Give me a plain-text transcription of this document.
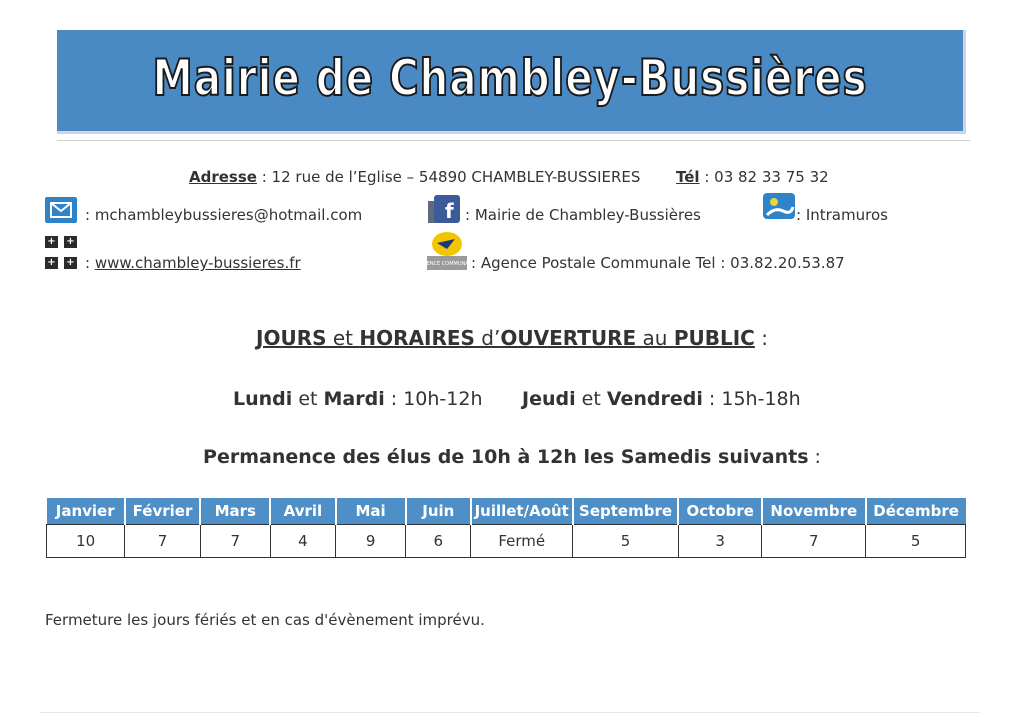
Mairie de Chambley-Bussières
Adresse : 12 rue de l’Eglise – 54890 CHAMBLEY-BUSSIERES Tél : 03 82 33 75 32
: mchambleybussieres@hotmail.com	f : Mairie de Chambley-Bussières	: Intramuros
+ +
+ + : www.chambley-bussieres.fr	AGENCE COMMUNALE
: Agence Postale Communale Tel : 03.82.20.53.87
JOURS et HORAIRES d’OUVERTURE au PUBLIC :
Lundi et Mardi : 10h-12h Jeudi et Vendredi : 15h-18h
Permanence des élus de 10h à 12h les Samedis suivants :
Janvier	Février	Mars	Avril	Mai	Juin	Juillet/Août	Septembre	Octobre	Novembre	Décembre
10	7	7	4	9	6	Fermé	5	3	7	5
Fermeture les jours fériés et en cas d'évènement imprévu.
